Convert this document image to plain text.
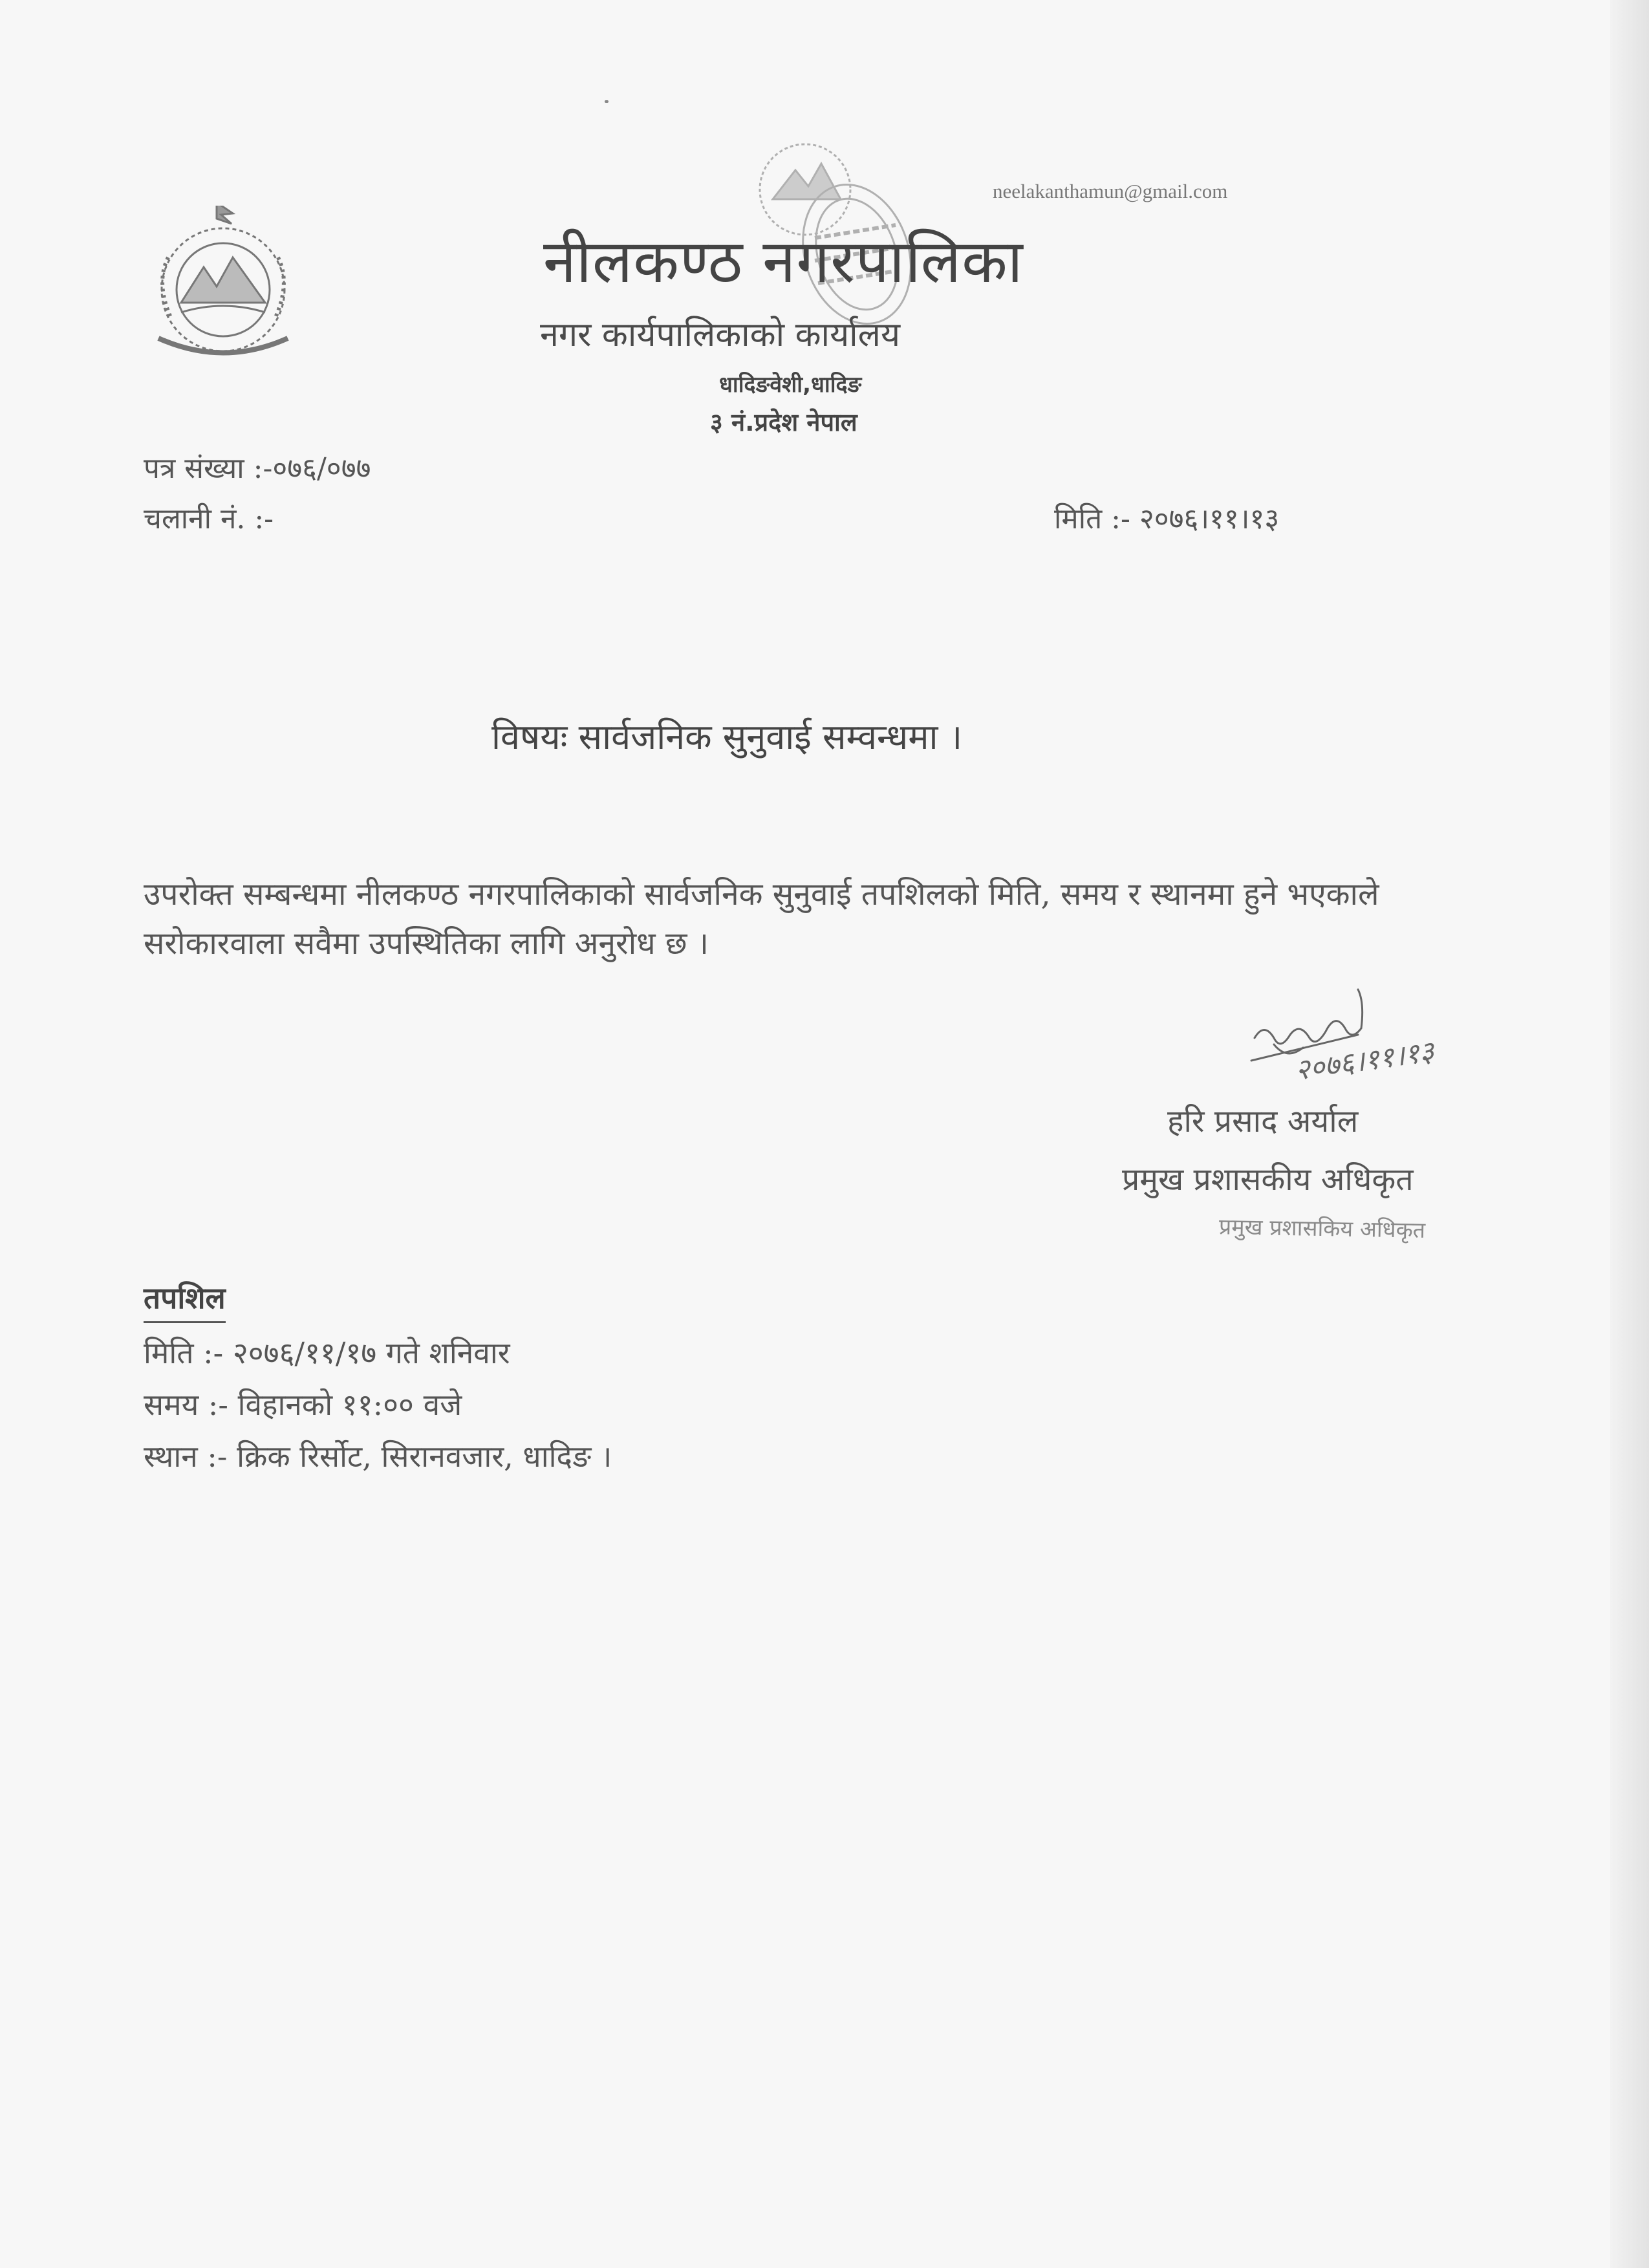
neelakanthamun@gmail.com
नीलकण्ठ नगरपालिका
नगर कार्यपालिकाको कार्यालय
धादिङवेशी,धादिङ
३ नं.प्रदेश नेपाल
पत्र संख्या :-०७६/०७७
चलानी नं. :-	मिति :- २०७६।११।१३
विषयः सार्वजनिक सुनुवाई सम्वन्धमा ।
उपरोक्त सम्बन्धमा नीलकण्ठ नगरपालिकाको सार्वजनिक सुनुवाई तपशिलको मिति, समय र स्थानमा हुने भएकाले सरोकारवाला सवैमा उपस्थितिका लागि अनुरोध छ ।
२०७६।११।१३
हरि प्रसाद अर्याल
प्रमुख प्रशासकीय अधिकृत
प्रमुख प्रशासकिय अधिकृत
तपशिल
मिति :- २०७६/११/१७ गते शनिवार
समय :- विहानको ११:०० वजे
स्थान :- क्रिक रिर्सोट, सिरानवजार, धादिङ ।
